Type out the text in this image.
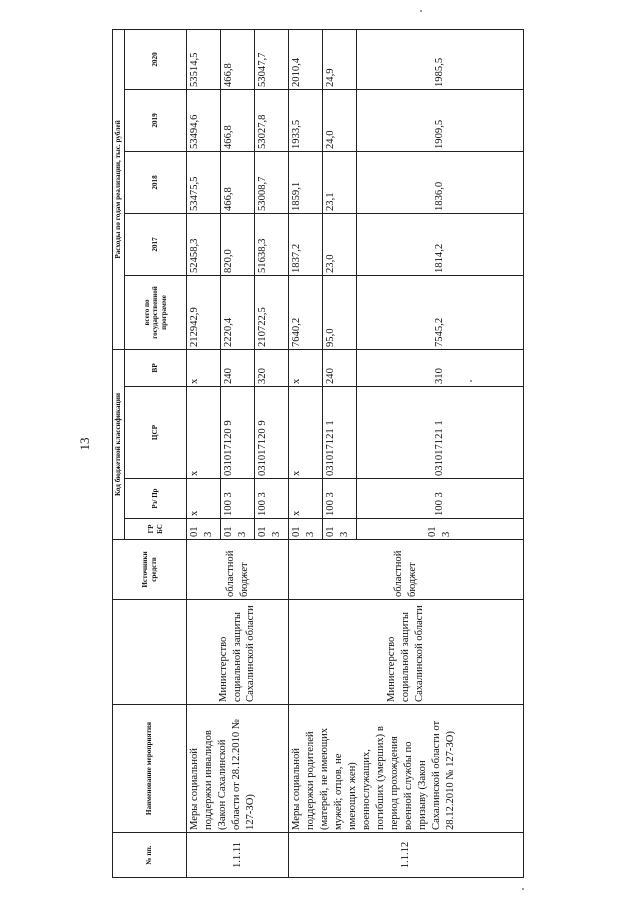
13
№ пп.	Наименование мероприятия		Источники средств	Код бюджетной классификации				Расходы по годам реализации, тыс. рублей				
				ГР БС	Рз/ Пр	ЦСР	ВР	всего по государственной программе	2017	2018	2019	2020
1.1.11	Меры социальной поддержки инвалидов (Закон Сахалинской области от 28.12.2010 № 127-ЗО)	Министерство социальной защиты Сахалинской области	областной бюджет	01 3	x	x	x	212942,9	52458,3	53475,5	53494,6	53514,5
				01 3	100 3	031017120 9	240	2220,4	820,0	466,8	466,8	466,8
				01 3	100 3	031017120 9	320	210722,5	51638,3	53008,7	53027,8	53047,7
1.1.12	Меры социальной поддержки родителей (матерей, не имеющих мужей; отцов, не имеющих жен) военнослужащих, погибших (умерших) в период прохождения военной службы по призыву (Закон Сахалинской области от 28.12.2010 № 127-ЗО)	Министерство социальной защиты Сахалинской области	областной бюджет	01 3	x	x	x	7640,2	1837,2	1859,1	1933,5	2010,4
				01 3	100 3	031017121 1	240	95,0	23,0	23,1	24,0	24,9
				01 3	100 3	031017121 1	310	7545,2	1814,2	1836,0	1909,5	1985,5
